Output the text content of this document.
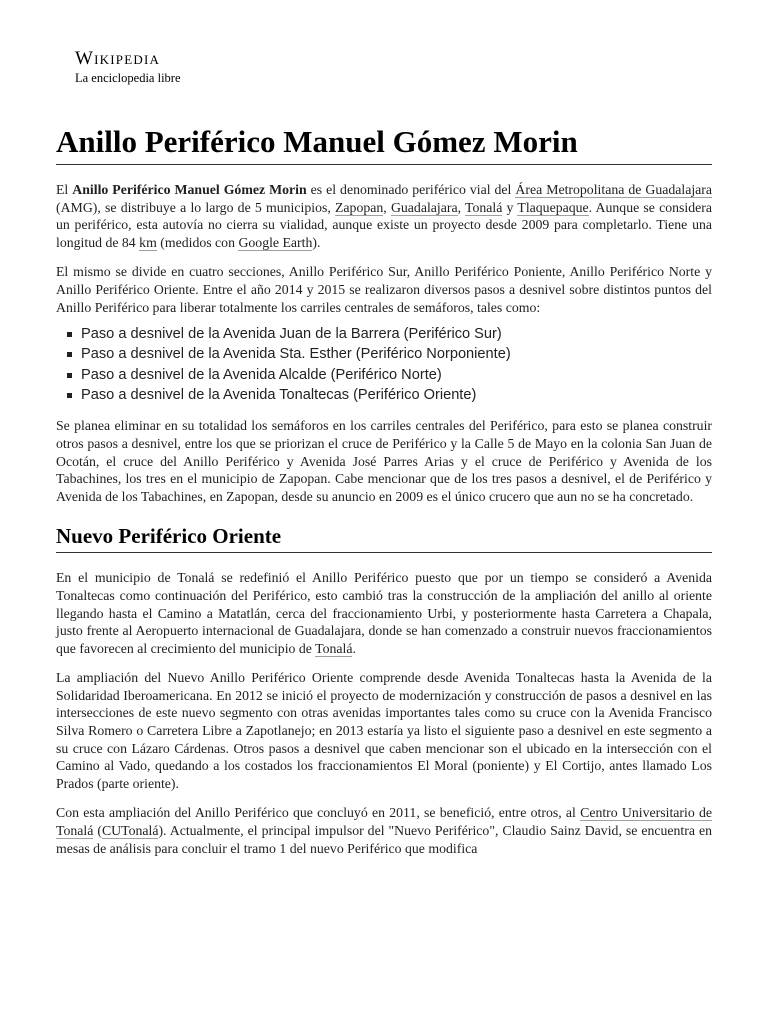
Wikipedia
La enciclopedia libre
Anillo Periférico Manuel Gómez Morin

El Anillo Periférico Manuel Gómez Morin es el denominado periférico vial del Área Metropolitana de Guadalajara (AMG), se distribuye a lo largo de 5 municipios, Zapopan, Guadalajara, Tonalá y Tlaquepaque. Aunque se considera un periférico, esta autovía no cierra su vialidad, aunque existe un proyecto desde 2009 para completarlo. Tiene una longitud de 84 km (medidos con Google Earth).

El mismo se divide en cuatro secciones, Anillo Periférico Sur, Anillo Periférico Poniente, Anillo Periférico Norte y Anillo Periférico Oriente. Entre el año 2014 y 2015 se realizaron diversos pasos a desnivel sobre distintos puntos del Anillo Periférico para liberar totalmente los carriles centrales de semáforos, tales como:

Paso a desnivel de la Avenida Juan de la Barrera (Periférico Sur)
Paso a desnivel de la Avenida Sta. Esther (Periférico Norponiente)
Paso a desnivel de la Avenida Alcalde (Periférico Norte)
Paso a desnivel de la Avenida Tonaltecas (Periférico Oriente)

Se planea eliminar en su totalidad los semáforos en los carriles centrales del Periférico, para esto se planea construir otros pasos a desnivel, entre los que se priorizan el cruce de Periférico y la Calle 5 de Mayo en la colonia San Juan de Ocotán, el cruce del Anillo Periférico y Avenida José Parres Arias y el cruce de Periférico y Avenida de los Tabachines, los tres en el municipio de Zapopan. Cabe mencionar que de los tres pasos a desnivel, el de Periférico y Avenida de los Tabachines, en Zapopan, desde su anuncio en 2009 es el único crucero que aun no se ha concretado.

Nuevo Periférico Oriente

En el municipio de Tonalá se redefinió el Anillo Periférico puesto que por un tiempo se consideró a Avenida Tonaltecas como continuación del Periférico, esto cambió tras la construcción de la ampliación del anillo al oriente llegando hasta el Camino a Matatlán, cerca del fraccionamiento Urbi, y posteriormente hasta Carretera a Chapala, justo frente al Aeropuerto internacional de Guadalajara, donde se han comenzado a construir nuevos fraccionamientos que favorecen al crecimiento del municipio de Tonalá.

La ampliación del Nuevo Anillo Periférico Oriente comprende desde Avenida Tonaltecas hasta la Avenida de la Solidaridad Iberoamericana. En 2012 se inició el proyecto de modernización y construcción de pasos a desnivel en las intersecciones de este nuevo segmento con otras avenidas importantes tales como su cruce con la Avenida Francisco Silva Romero o Carretera Libre a Zapotlanejo; en 2013 estaría ya listo el siguiente paso a desnivel en este segmento a su cruce con Lázaro Cárdenas. Otros pasos a desnivel que caben mencionar son el ubicado en la intersección con el Camino al Vado, quedando a los costados los fraccionamientos El Moral (poniente) y El Cortijo, antes llamado Los Prados (parte oriente).

Con esta ampliación del Anillo Periférico que concluyó en 2011, se benefició, entre otros, al Centro Universitario de Tonalá (CUTonalá). Actualmente, el principal impulsor del "Nuevo Periférico", Claudio Sainz David, se encuentra en mesas de análisis para concluir el tramo 1 del nuevo Periférico que modifica
